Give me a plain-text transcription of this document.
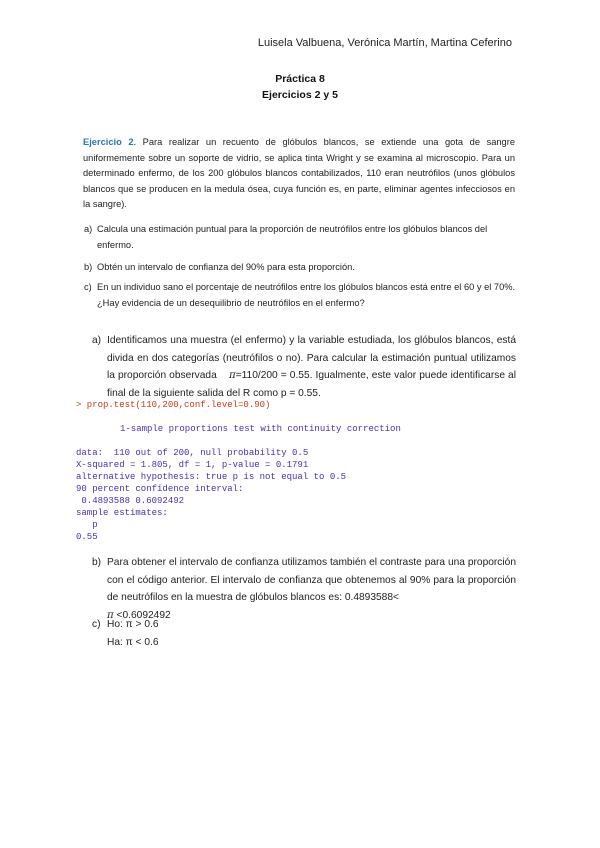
Luisela Valbuena, Verónica Martín, Martina Ceferino
Práctica 8
Ejercicios 2 y 5
Ejercicio 2. Para realizar un recuento de glóbulos blancos, se extiende una gota de sangre uniformemente sobre un soporte de vidrio, se aplica tinta Wright y se examina al microscopio. Para un determinado enfermo, de los 200 glóbulos blancos contabilizados, 110 eran neutrófilos (unos glóbulos blancos que se producen en la medula ósea, cuya función es, en parte, eliminar agentes infecciosos en la sangre).
a) Calcula una estimación puntual para la proporción de neutrófilos entre los glóbulos blancos del enfermo.
b) Obtén un intervalo de confianza del 90% para esta proporción.
c) En un individuo sano el porcentaje de neutrófilos entre los glóbulos blancos está entre el 60 y el 70%. ¿Hay evidencia de un desequilibrio de neutrófilos en el enfermo?
a) Identificamos una muestra (el enfermo) y la variable estudiada, los glóbulos blancos, está divida en dos categorías (neutrófilos o no). Para calcular la estimación puntual utilizamos la proporción observada π=110/200 = 0.55. Igualmente, este valor puede identificarse al final de la siguiente salida del R como p = 0.55.
> prop.test(110,200,conf.level=0.90)
1-sample proportions test with continuity correction
data:  110 out of 200, null probability 0.5
X-squared = 1.805, df = 1, p-value = 0.1791
alternative hypothesis: true p is not equal to 0.5
90 percent confidence interval:
0.4893588 0.6092492
sample estimates:
p
0.55
b) Para obtener el intervalo de confianza utilizamos también el contraste para una proporción con el código anterior. El intervalo de confianza que obtenemos al 90% para la proporción de neutrófilos en la muestra de glóbulos blancos es: 0.4893588<
π <0.6092492
c) Ho: π > 0.6
Ha: π < 0.6
